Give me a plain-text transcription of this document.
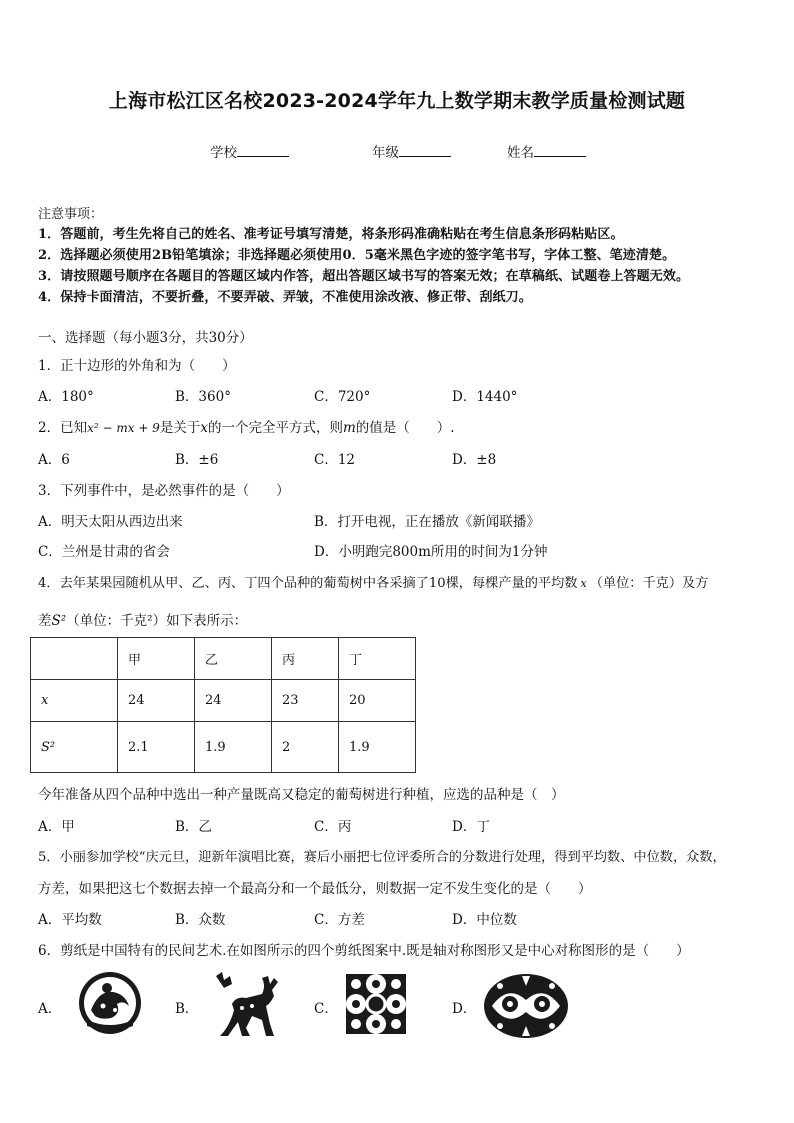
上海市松江区名校2023-2024学年九上数学期末教学质量检测试题
学校	年级	姓名
注意事项：
1．答题前，考生先将自己的姓名、准考证号填写清楚，将条形码准确粘贴在考生信息条形码粘贴区。
2．选择题必须使用2B铅笔填涂；非选择题必须使用0．5毫米黑色字迹的签字笔书写，字体工整、笔迹清楚。
3．请按照题号顺序在各题目的答题区域内作答，超出答题区域书写的答案无效；在草稿纸、试题卷上答题无效。
4．保持卡面清洁，不要折叠，不要弄破、弄皱，不准使用涂改液、修正带、刮纸刀。
一、选择题（每小题3分，共30分）
1．正十边形的外角和为（　　）
A．180°	B．360°	C．720°	D．1440°
2．已知x² − mx + 9是关于x的一个完全平方式，则m的值是（　　）.
A．6	B．±6	C．12	D．±8
3．下列事件中，是必然事件的是（　　）
A．明天太阳从西边出来	B．打开电视，正在播放《新闻联播》
C．兰州是甘肃的省会	D．小明跑完800m所用的时间为1分钟
4．去年某果园随机从甲、乙、丙、丁四个品种的葡萄树中各采摘了10棵，每棵产量的平均数 x （单位：千克）及方
差S²（单位：千克²）如下表所示：
	甲	乙	丙	丁
x	24	24	23	20
S²	2.1	1.9	2	1.9
今年准备从四个品种中选出一种产量既高又稳定的葡萄树进行种植，应选的品种是（　）
A．甲	B．乙	C．丙	D．丁
5．小丽参加学校“庆元旦，迎新年演唱比赛，赛后小丽把七位评委所合的分数进行处理，得到平均数、中位数，众数，
方差，如果把这七个数据去掉一个最高分和一个最低分，则数据一定不发生变化的是（　　）
A．平均数	B．众数	C．方差	D．中位数
6．剪纸是中国特有的民间艺术.在如图所示的四个剪纸图案中.既是轴对称图形又是中心对称图形的是（　　）
A．	B．	C．	D．
